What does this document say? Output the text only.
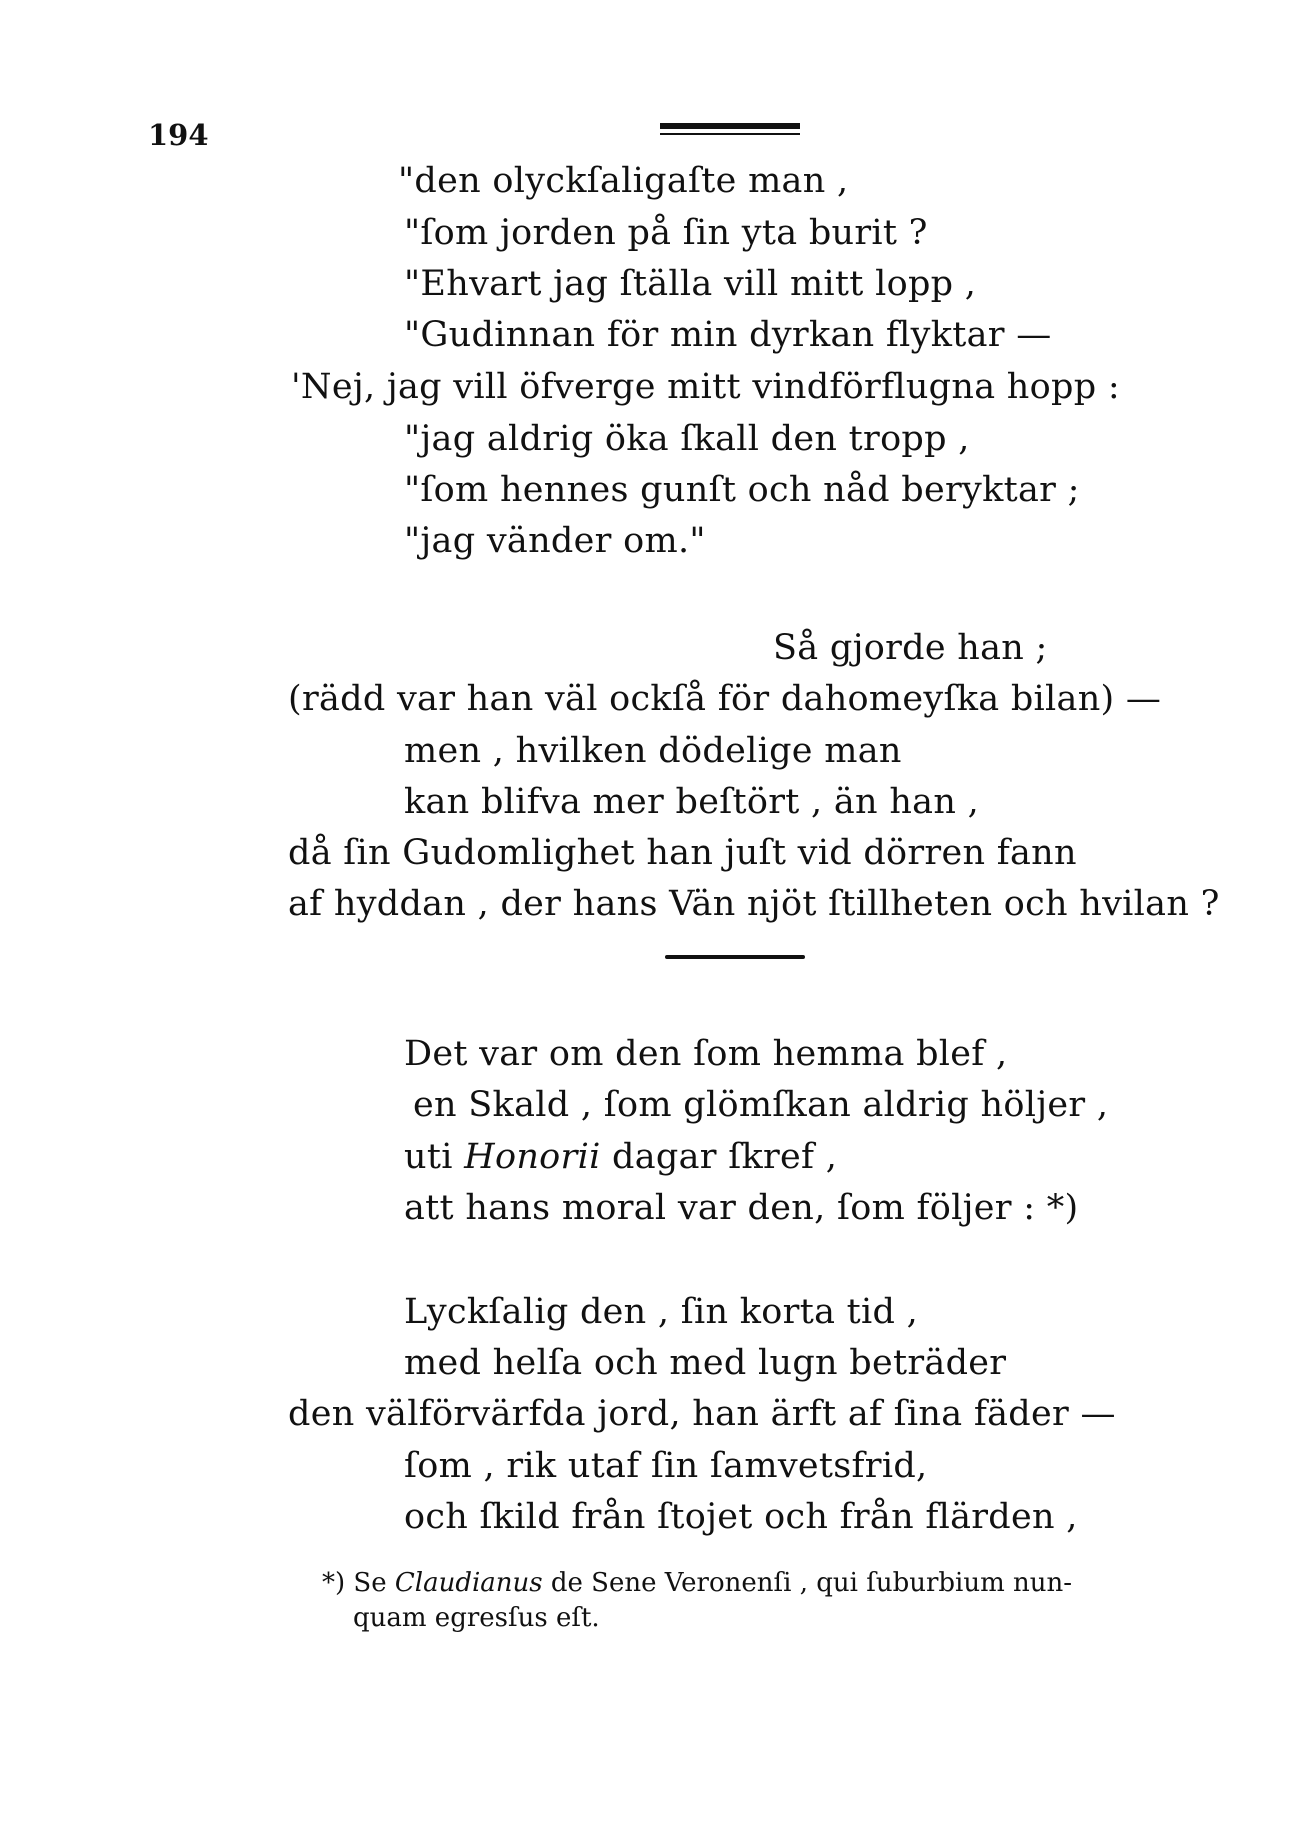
194
"den olyckſaligaſte man ,
"ſom jorden på ſin yta burit ?
"Ehvart jag ſtälla vill mitt lopp ,
"Gudinnan för min dyrkan flyktar —
'Nej, jag vill öfverge mitt vindförflugna hopp :
"jag aldrig öka ſkall den tropp ,
"ſom hennes gunſt och nåd beryktar ;
"jag vänder om."
Så gjorde han ;
(rädd var han väl ockſå för dahomeyſka bilan) —
men , hvilken dödelige man
kan blifva mer beſtört , än han ,
då ſin Gudomlighet han juſt vid dörren fann
af hyddan , der hans Vän njöt ſtillheten och hvilan ?
Det var om den ſom hemma blef ,
en Skald , ſom glömſkan aldrig höljer ,
uti Honorii dagar ſkref ,
att hans moral var den, ſom följer : *)
Lyckſalig den , ſin korta tid ,
med helſa och med lugn beträder
den välförvärfda jord, han ärft af ſina fäder —
ſom , rik utaf ſin ſamvetsfrid,
och ſkild från ſtojet och från flärden ,
*) Se Claudianus de Sene Veronenſi , qui ſuburbium nun-
quam egresſus eſt.
